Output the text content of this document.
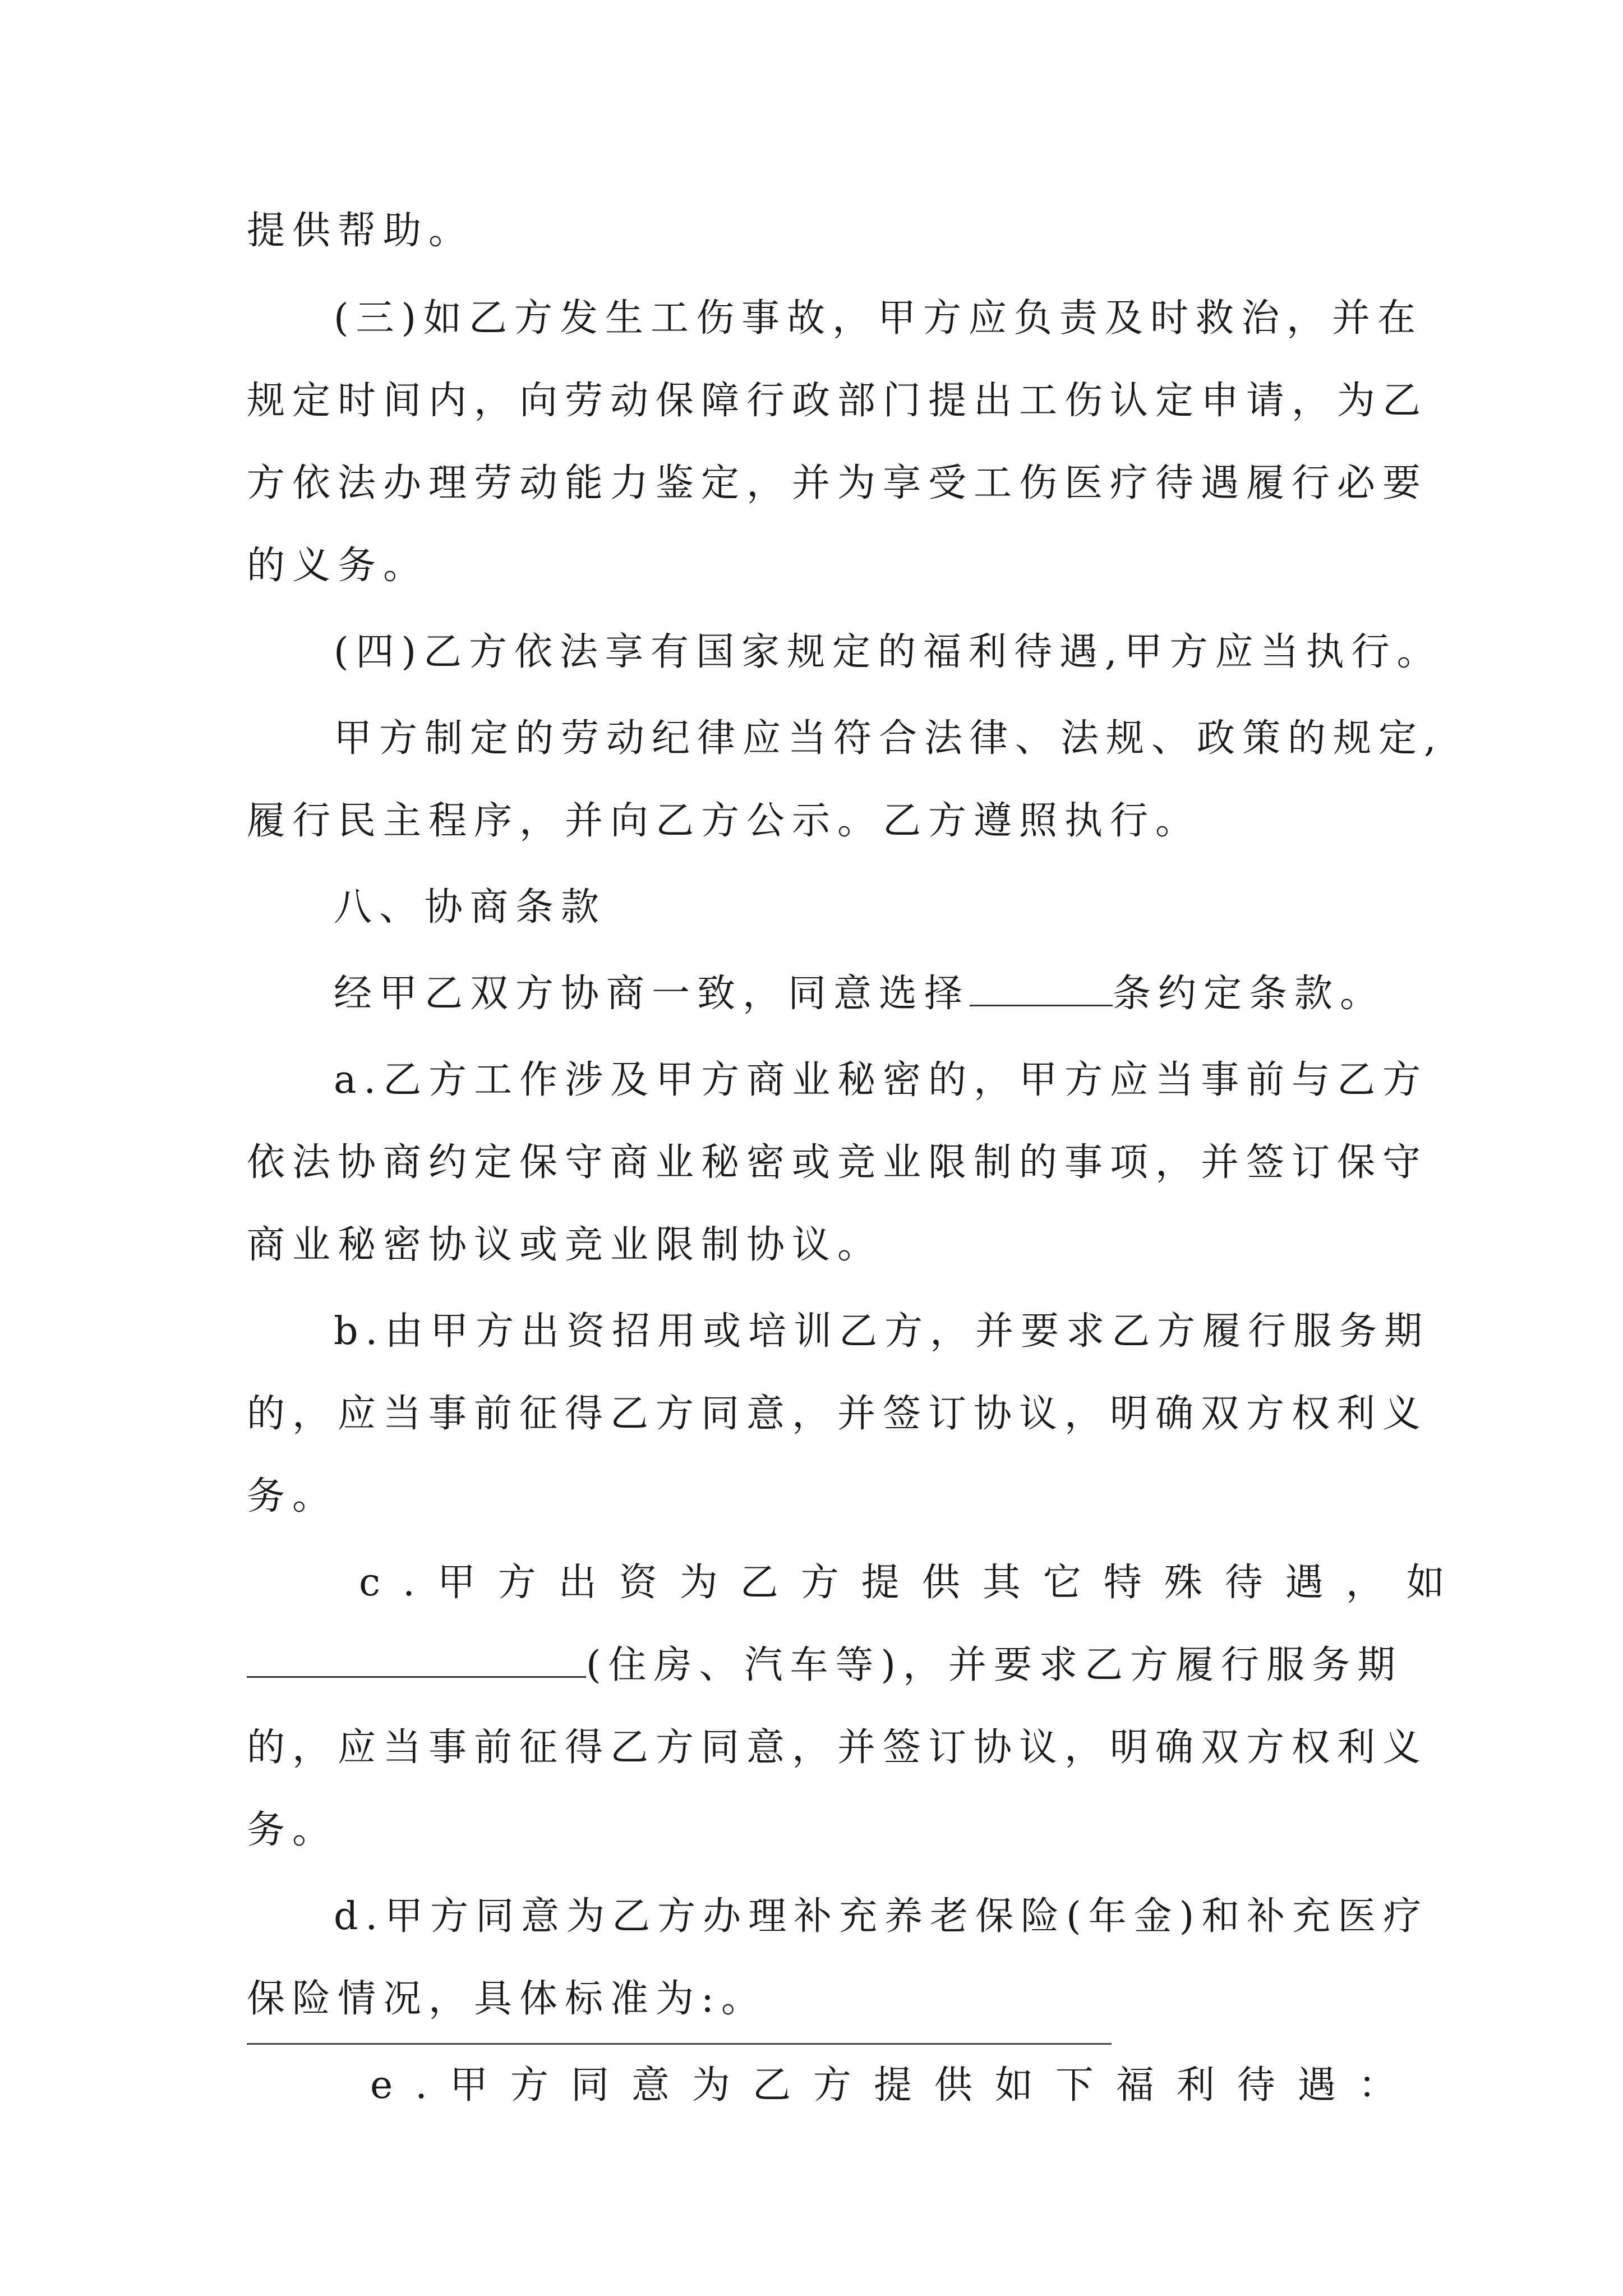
提供帮助。
(三)如乙方发生工伤事故，甲方应负责及时救治，并在
规定时间内，向劳动保障行政部门提出工伤认定申请，为乙
方依法办理劳动能力鉴定，并为享受工伤医疗待遇履行必要
的义务。
(四)乙方依法享有国家规定的福利待遇,甲方应当执行。
甲方制定的劳动纪律应当符合法律、法规、政策的规定,
履行民主程序，并向乙方公示。乙方遵照执行。
八、协商条款
经甲乙双方协商一致，同意选择	条约定条款。
a.乙方工作涉及甲方商业秘密的，甲方应当事前与乙方
依法协商约定保守商业秘密或竞业限制的事项，并签订保守
商业秘密协议或竞业限制协议。
b.由甲方出资招用或培训乙方，并要求乙方履行服务期
的，应当事前征得乙方同意，并签订协议，明确双方权利义
务。
c.甲方出资为乙方提供其它特殊待遇，如
(住房、汽车等)，并要求乙方履行服务期
的，应当事前征得乙方同意，并签订协议，明确双方权利义
务。
d.甲方同意为乙方办理补充养老保险(年金)和补充医疗
保险情况，具体标准为:。
e.甲方同意为乙方提供如下福利待遇：
